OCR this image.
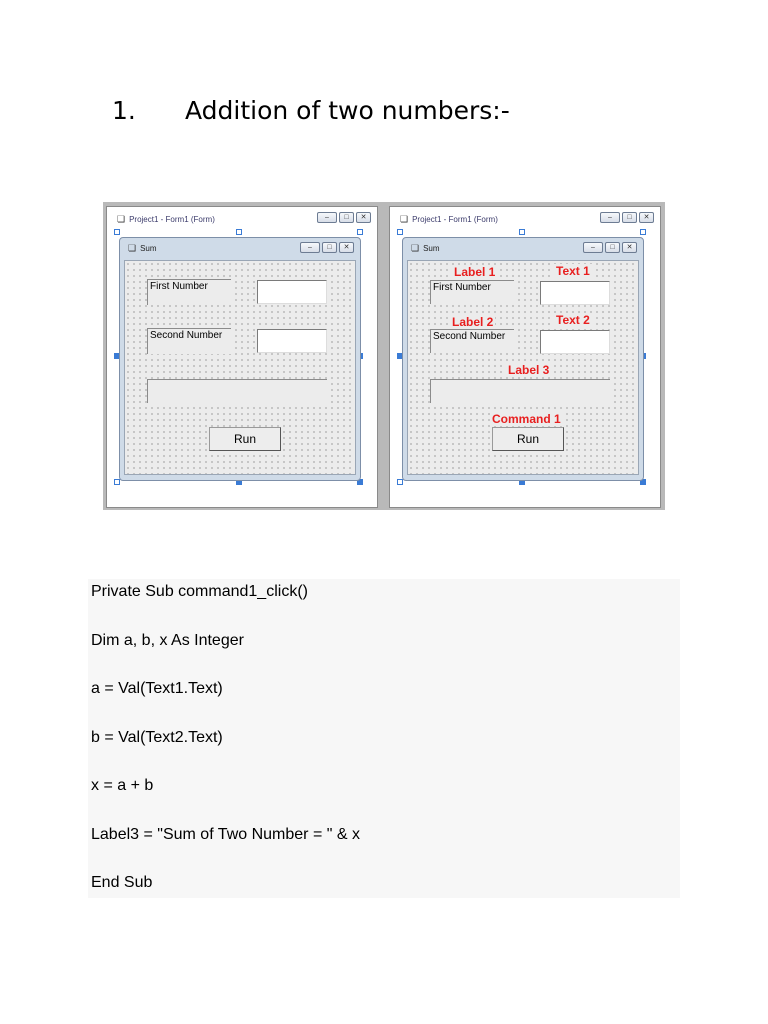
1. Addition of two numbers:-
❏ Project1 - Form1 (Form)	–	□	✕
❏ Sum	–	□	✕
First Number
Second Number
Run
❏ Project1 - Form1 (Form)	–	□	✕
❏ Sum	–	□	✕
Label 1	Text 1
First Number
Label 2	Text 2
Second Number
Label 3
Command 1
Run
Private Sub command1_click()
Dim a, b, x As Integer
a = Val(Text1.Text)
b = Val(Text2.Text)
x = a + b
Label3 = "Sum of Two Number = " & x
End Sub
